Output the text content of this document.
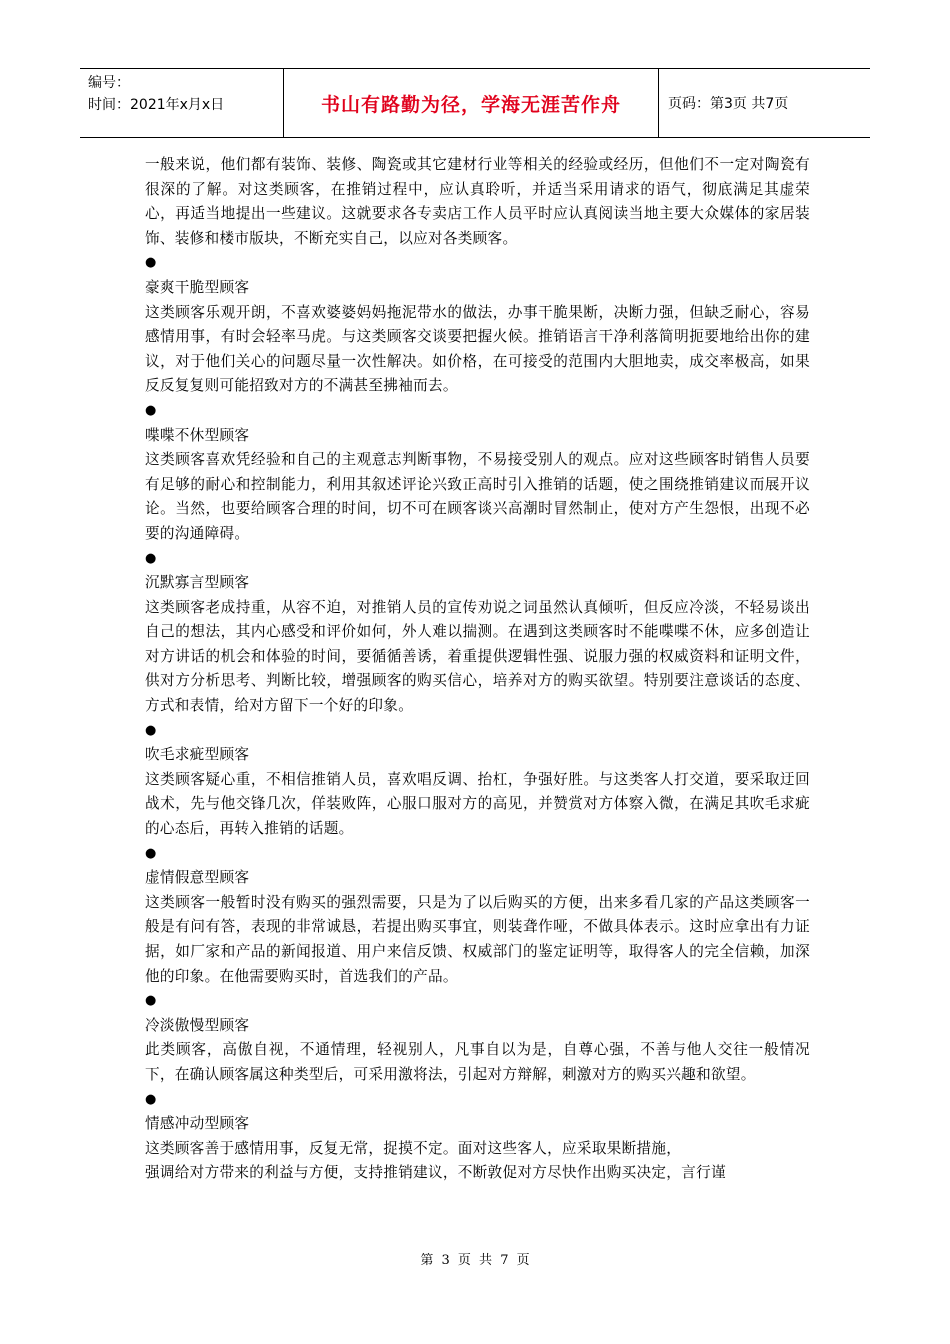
编号：
时间：2021年x月x日	书山有路勤为径，学海无涯苦作舟	页码：第3页 共7页

一般来说，他们都有装饰、装修、陶瓷或其它建材行业等相关的经验或经历，但他们不一定对陶瓷有很深的了解。对这类顾客，在推销过程中，应认真聆听，并适当采用请求的语气，彻底满足其虚荣心，再适当地提出一些建议。这就要求各专卖店工作人员平时应认真阅读当地主要大众媒体的家居装饰、装修和楼市版块，不断充实自己，以应对各类顾客。

●

豪爽干脆型顾客

这类顾客乐观开朗，不喜欢婆婆妈妈拖泥带水的做法，办事干脆果断，决断力强，但缺乏耐心，容易感情用事，有时会轻率马虎。与这类顾客交谈要把握火候。推销语言干净利落简明扼要地给出你的建议，对于他们关心的问题尽量一次性解决。如价格，在可接受的范围内大胆地卖，成交率极高，如果反反复复则可能招致对方的不满甚至拂袖而去。

●

喋喋不休型顾客

这类顾客喜欢凭经验和自己的主观意志判断事物，不易接受别人的观点。应对这些顾客时销售人员要有足够的耐心和控制能力，利用其叙述评论兴致正高时引入推销的话题，使之围绕推销建议而展开议论。当然，也要给顾客合理的时间，切不可在顾客谈兴高潮时冒然制止，使对方产生怨恨，出现不必要的沟通障碍。

●

沉默寡言型顾客

这类顾客老成持重，从容不迫，对推销人员的宣传劝说之词虽然认真倾听，但反应冷淡，不轻易谈出自己的想法，其内心感受和评价如何，外人难以揣测。在遇到这类顾客时不能喋喋不休，应多创造让对方讲话的机会和体验的时间，要循循善诱，着重提供逻辑性强、说服力强的权威资料和证明文件，供对方分析思考、判断比较，增强顾客的购买信心，培养对方的购买欲望。特别要注意谈话的态度、方式和表情，给对方留下一个好的印象。

●

吹毛求疵型顾客

这类顾客疑心重，不相信推销人员，喜欢唱反调、抬杠，争强好胜。与这类客人打交道，要采取迂回战术，先与他交锋几次，佯装败阵，心服口服对方的高见，并赞赏对方体察入微，在满足其吹毛求疵的心态后，再转入推销的话题。

●

虚情假意型顾客

这类顾客一般暂时没有购买的强烈需要，只是为了以后购买的方便，出来多看几家的产品这类顾客一般是有问有答，表现的非常诚恳，若提出购买事宜，则装聋作哑，不做具体表示。这时应拿出有力证据，如厂家和产品的新闻报道、用户来信反馈、权威部门的鉴定证明等，取得客人的完全信赖，加深他的印象。在他需要购买时，首选我们的产品。

●

冷淡傲慢型顾客

此类顾客，高傲自视，不通情理，轻视别人，凡事自以为是，自尊心强，不善与他人交往一般情况下，在确认顾客属这种类型后，可采用激将法，引起对方辩解，刺激对方的购买兴趣和欲望。

●

情感冲动型顾客

这类顾客善于感情用事，反复无常，捉摸不定。面对这些客人，应采取果断措施，

强调给对方带来的利益与方便，支持推销建议，不断敦促对方尽快作出购买决定，言行谨

第 3 页 共 7 页
